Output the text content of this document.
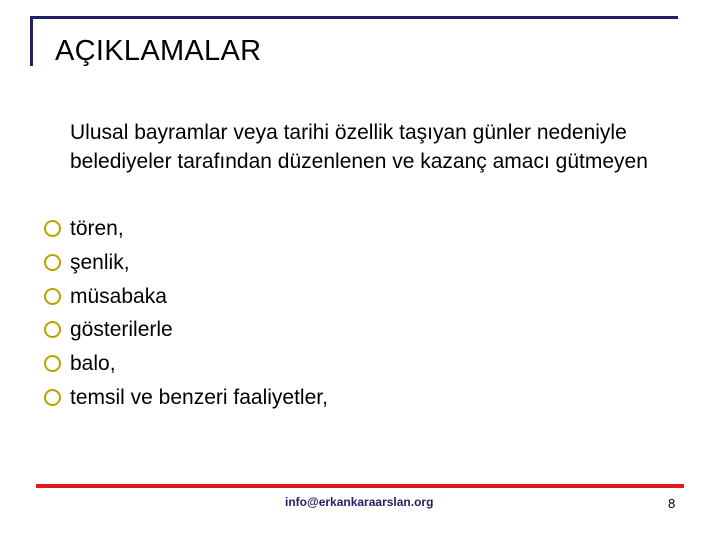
AÇIKLAMALAR
Ulusal bayramlar veya tarihi özellik taşıyan günler nedeniyle belediyeler tarafından düzenlenen ve kazanç amacı gütmeyen
tören,
şenlik,
müsabaka
gösterilerle
balo,
temsil ve benzeri faaliyetler,
info@erkankaraarslan.org	8
